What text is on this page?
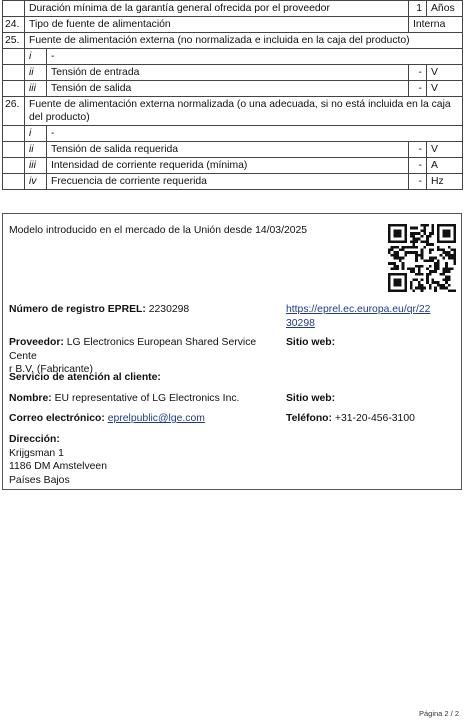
	Duración mínima de la garantía general ofrecida por el proveedor		1	Años
24.	Tipo de fuente de alimentación		Interna	
25.	Fuente de alimentación externa (no normalizada e incluida en la caja del producto)			
	i	-		
	ii	Tensión de entrada	-	V
	iii	Tensión de salida	-	V
26.	Fuente de alimentación externa normalizada (o una adecuada, si no está incluida en la caja del producto)			
	i	-		
	ii	Tensión de salida requerida	-	V
	iii	Intensidad de corriente requerida (mínima)	-	A
	iv	Frecuencia de corriente requerida	-	Hz
Modelo introducido en el mercado de la Unión desde 14/03/2025
Número de registro EPREL: 2230298	https://eprel.ec.europa.eu/qr/22
30298
Proveedor: LG Electronics European Shared Service Cente
r B.V. (Fabricante)
Sitio web:
Servicio de atención al cliente:
Nombre: EU representative of LG Electronics Inc.	Sitio web:
Correo electrónico: eprelpublic@lge.com	Teléfono: +31-20-456-3100
Dirección:
Krijgsman 1
1186 DM Amstelveen
Países Bajos
Página 2 / 2
